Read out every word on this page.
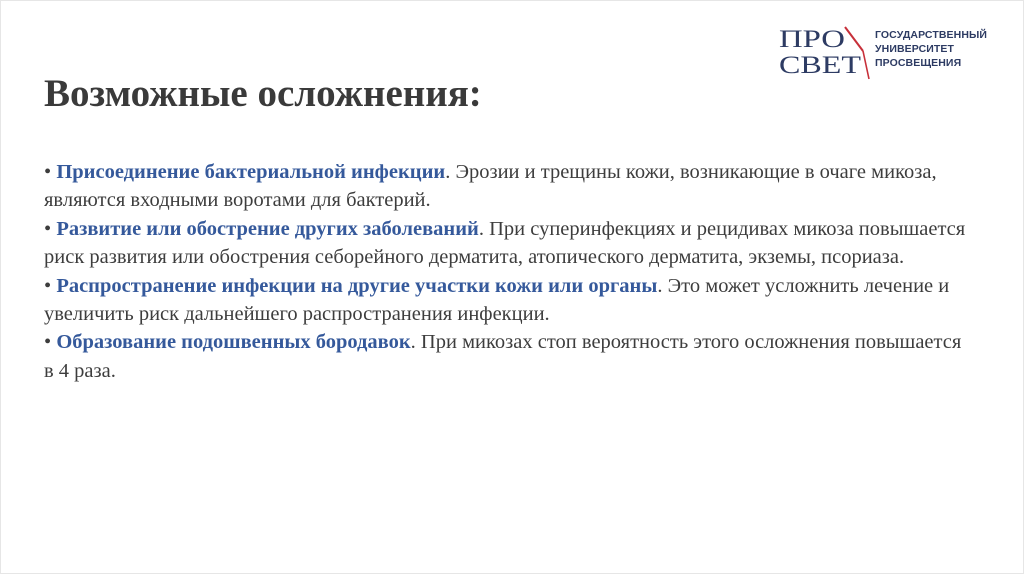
ПРО
СВЕТ
ГОСУДАРСТВЕННЫЙ
УНИВЕРСИТЕТ
ПРОСВЕЩЕНИЯ
Возможные осложнения:

• Присоединение бактериальной инфекции. Эрозии и трещины кожи, возникающие в очаге микоза, являются входными воротами для бактерий.

• Развитие или обострение других заболеваний. При суперинфекциях и рецидивах микоза повышается риск развития или обострения себорейного дерматита, атопического дерматита, экземы, псориаза.

• Распространение инфекции на другие участки кожи или органы. Это может усложнить лечение и увеличить риск дальнейшего распространения инфекции.

• Образование подошвенных бородавок. При микозах стоп вероятность этого осложнения повышается в 4 раза.
